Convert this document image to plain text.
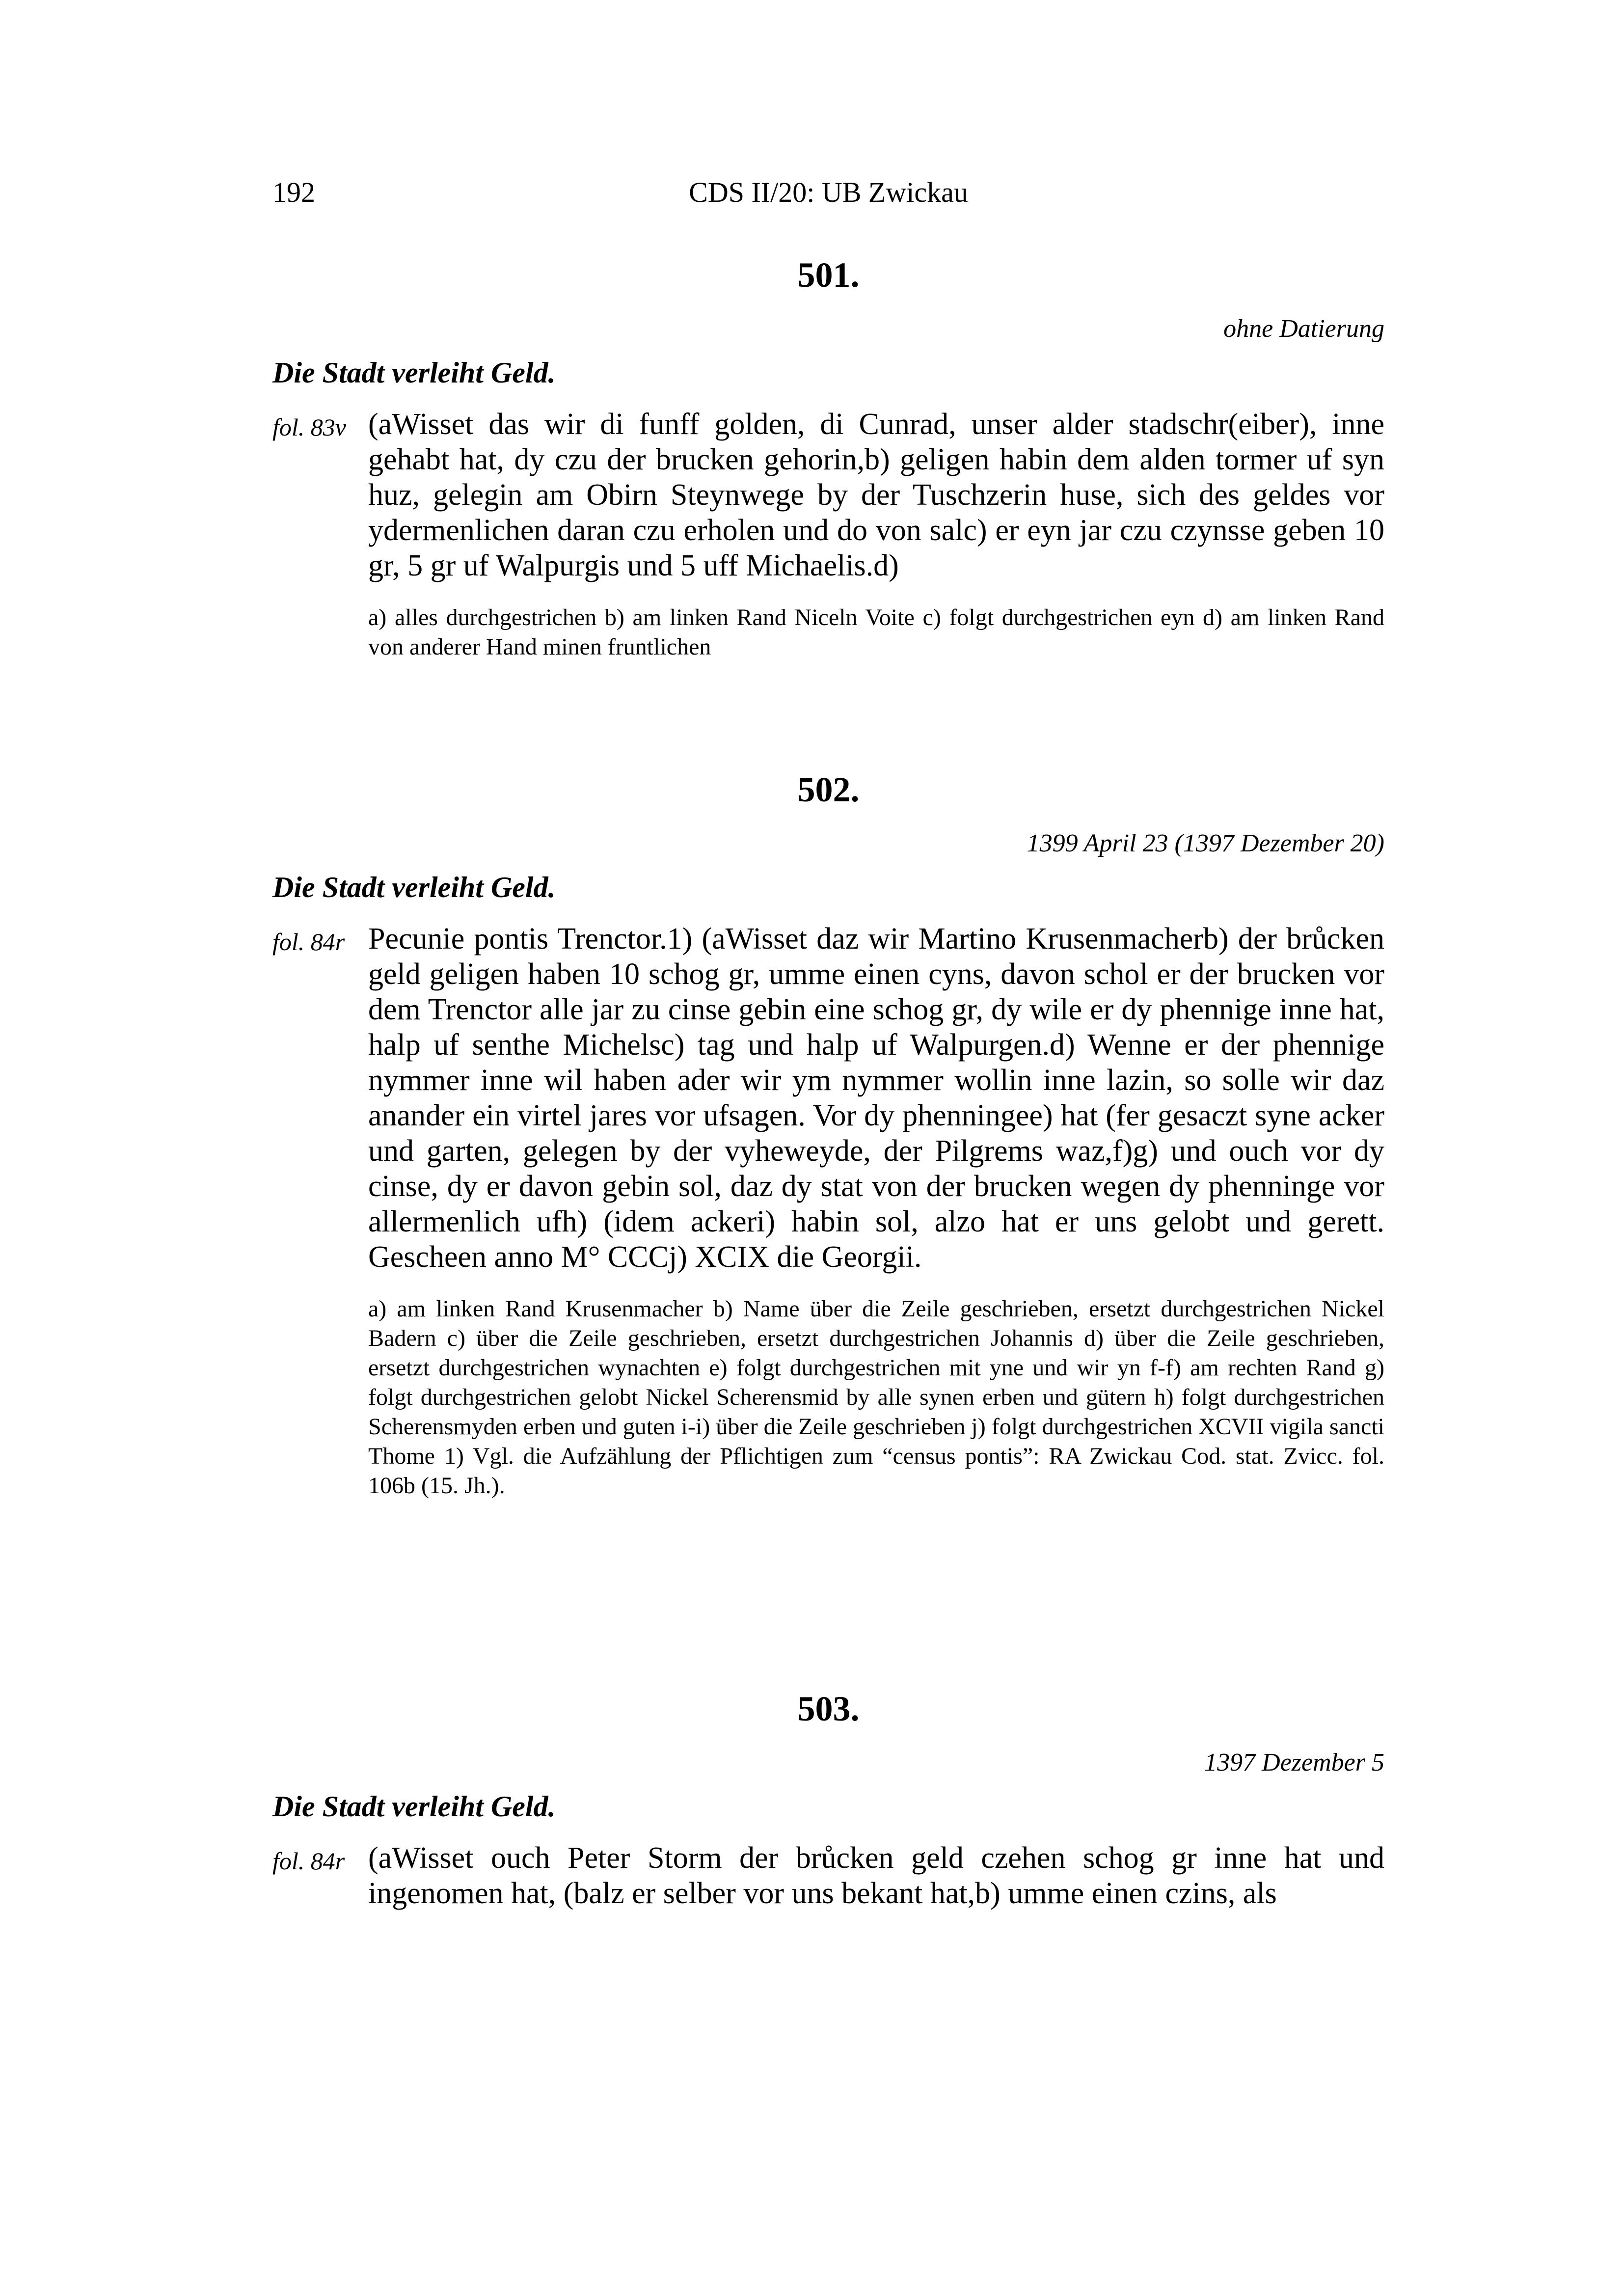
192	CDS II/20: UB Zwickau
501.
ohne Datierung
Die Stadt verleiht Geld.
fol. 83v (aWisset das wir di funff golden, di Cunrad, unser alder stadschr(eiber), inne gehabt hat, dy czu der brucken gehorin,b) geligen habin dem alden tormer uf syn huz, gelegin am Obirn Steynwege by der Tuschzerin huse, sich des geldes vor ydermenlichen daran czu erholen und do von salc) er eyn jar czu czynsse geben 10 gr, 5 gr uf Walpurgis und 5 uff Michaelis.d)
a) alles durchgestrichen b) am linken Rand Niceln Voite c) folgt durchgestrichen eyn d) am linken Rand von anderer Hand minen fruntlichen
502.
1399 April 23 (1397 Dezember 20)
Die Stadt verleiht Geld.
fol. 84r Pecunie pontis Trenctor.1) (aWisset daz wir Martino Krusenmacherb) der brůcken geld geligen haben 10 schog gr, umme einen cyns, davon schol er der brucken vor dem Trenctor alle jar zu cinse gebin eine schog gr, dy wile er dy phennige inne hat, halp uf senthe Michelsc) tag und halp uf Walpurgen.d) Wenne er der phennige nymmer inne wil haben ader wir ym nymmer wollin inne lazin, so solle wir daz anander ein virtel jares vor ufsagen. Vor dy phenningee) hat (fer gesaczt syne acker und garten, gelegen by der vyheweyde, der Pilgrems waz,f)g) und ouch vor dy cinse, dy er davon gebin sol, daz dy stat von der brucken wegen dy phenninge vor allermenlich ufh) (idem ackeri) habin sol, alzo hat er uns gelobt und gerett. Gescheen anno M° CCCj) XCIX die Georgii.
a) am linken Rand Krusenmacher b) Name über die Zeile geschrieben, ersetzt durchgestrichen Nickel Badern c) über die Zeile geschrieben, ersetzt durchgestrichen Johannis d) über die Zeile geschrieben, ersetzt durchgestrichen wynachten e) folgt durchgestrichen mit yne und wir yn f-f) am rechten Rand g) folgt durchgestrichen gelobt Nickel Scherensmid by alle synen erben und gütern h) folgt durchgestrichen Scherensmyden erben und guten i-i) über die Zeile geschrieben j) folgt durchgestrichen XCVII vigila sancti Thome 1) Vgl. die Aufzählung der Pflichtigen zum “census pontis”: RA Zwickau Cod. stat. Zvicc. fol. 106b (15. Jh.).
503.
1397 Dezember 5
Die Stadt verleiht Geld.
fol. 84r (aWisset ouch Peter Storm der brůcken geld czehen schog gr inne hat und ingenomen hat, (balz er selber vor uns bekant hat,b) umme einen czins, als
